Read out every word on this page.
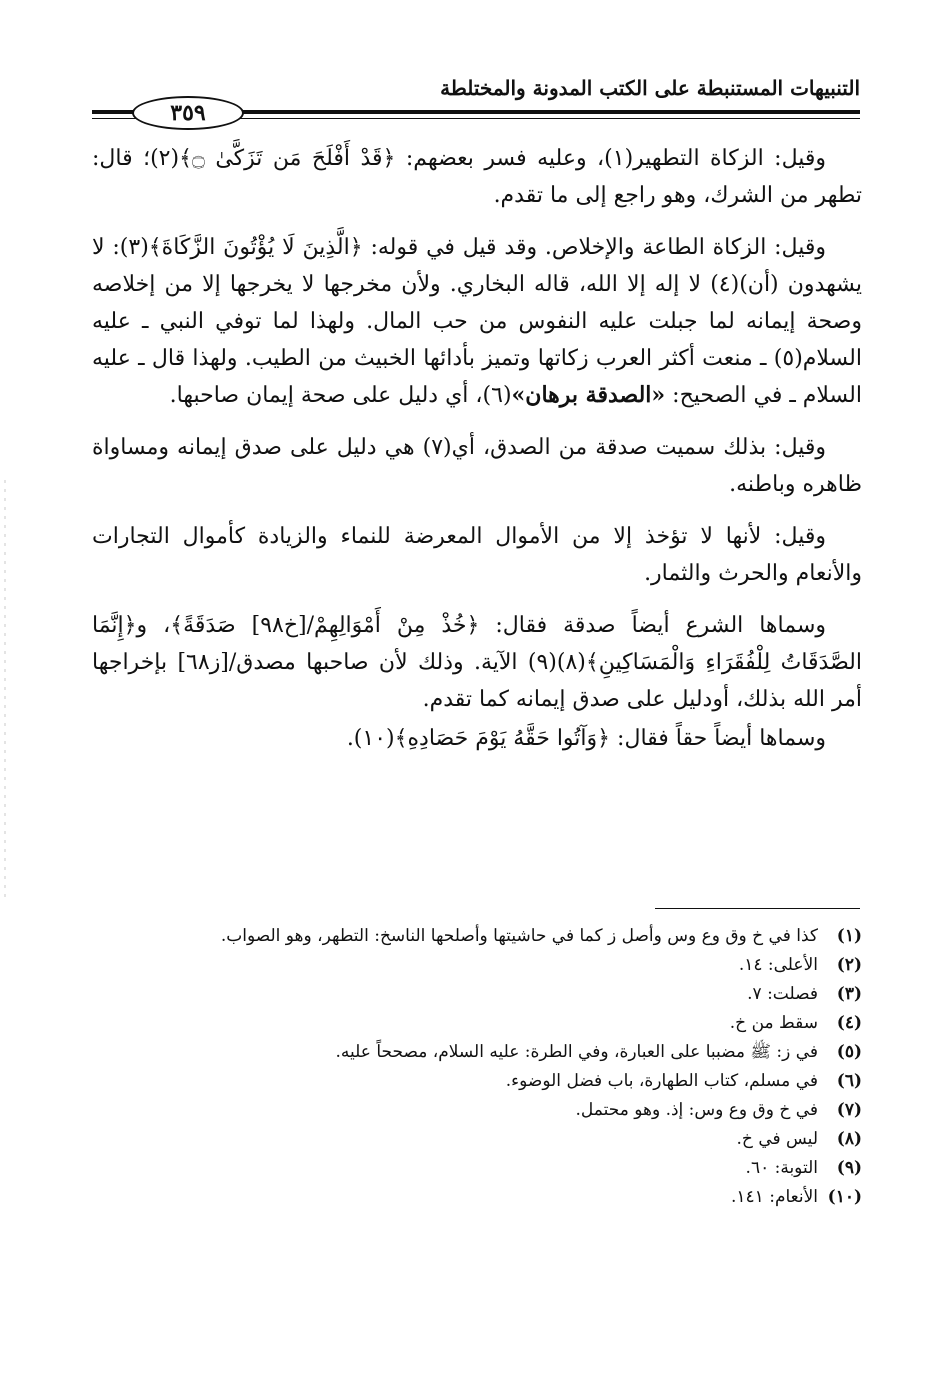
التنبيهات المستنبطة على الكتب المدونة والمختلطة
٣٥٩

وقيل: الزكاة التطهير(١)، وعليه فسر بعضهم: ﴿قَدْ أَفْلَحَ مَن تَزَكَّىٰ ۝﴾(٢)؛ قال: تطهر من الشرك، وهو راجع إلى ما تقدم.

وقيل: الزكاة الطاعة والإخلاص. وقد قيل في قوله: ﴿الَّذِينَ لَا يُؤْتُونَ الزَّكَاةَ﴾(٣): لا يشهدون (أن)(٤) لا إله إلا الله، قاله البخاري. ولأن مخرجها لا يخرجها إلا من إخلاصه وصحة إيمانه لما جبلت عليه النفوس من حب المال. ولهذا لما توفي النبي ـ عليه السلام(٥) ـ منعت أكثر العرب زكاتها وتميز بأدائها الخبيث من الطيب. ولهذا قال ـ عليه السلام ـ في الصحيح: «الصدقة برهان»(٦)، أي دليل على صحة إيمان صاحبها.

وقيل: بذلك سميت صدقة من الصدق، أي(٧) هي دليل على صدق إيمانه ومساواة ظاهره وباطنه.

وقيل: لأنها لا تؤخذ إلا من الأموال المعرضة للنماء والزيادة كأموال التجارات والأنعام والحرث والثمار.

وسماها الشرع أيضاً صدقة فقال: ﴿خُذْ مِنْ أَمْوَالِهِمْ/[خ٩٨] صَدَقَةً﴾، و﴿إِنَّمَا الصَّدَقَاتُ لِلْفُقَرَاءِ وَالْمَسَاكِينِ﴾(٨)(٩) الآية. وذلك لأن صاحبها مصدق/[ز٦٨] بإخراجها أمر الله بذلك، أودليل على صدق إيمانه كما تقدم.

وسماها أيضاً حقاً فقال: ﴿وَآتُوا حَقَّهُ يَوْمَ حَصَادِهِ﴾(١٠).

(١)
كذا في خ وق وع وس وأصل ز كما في حاشيتها وأصلحها الناسخ: التطهر، وهو الصواب.
(٢)
الأعلى: ١٤.
(٣)
فصلت: ٧.
(٤)
سقط من خ.
(٥)
في ز: ﷺ مضببا على العبارة، وفي الطرة: عليه السلام، مصححاً عليه.
(٦)
في مسلم، كتاب الطهارة، باب فضل الوضوء.
(٧)
في خ وق وع وس: إذ. وهو محتمل.
(٨)
ليس في خ.
(٩)
التوبة: ٦٠.
(١٠)
الأنعام: ١٤١.
